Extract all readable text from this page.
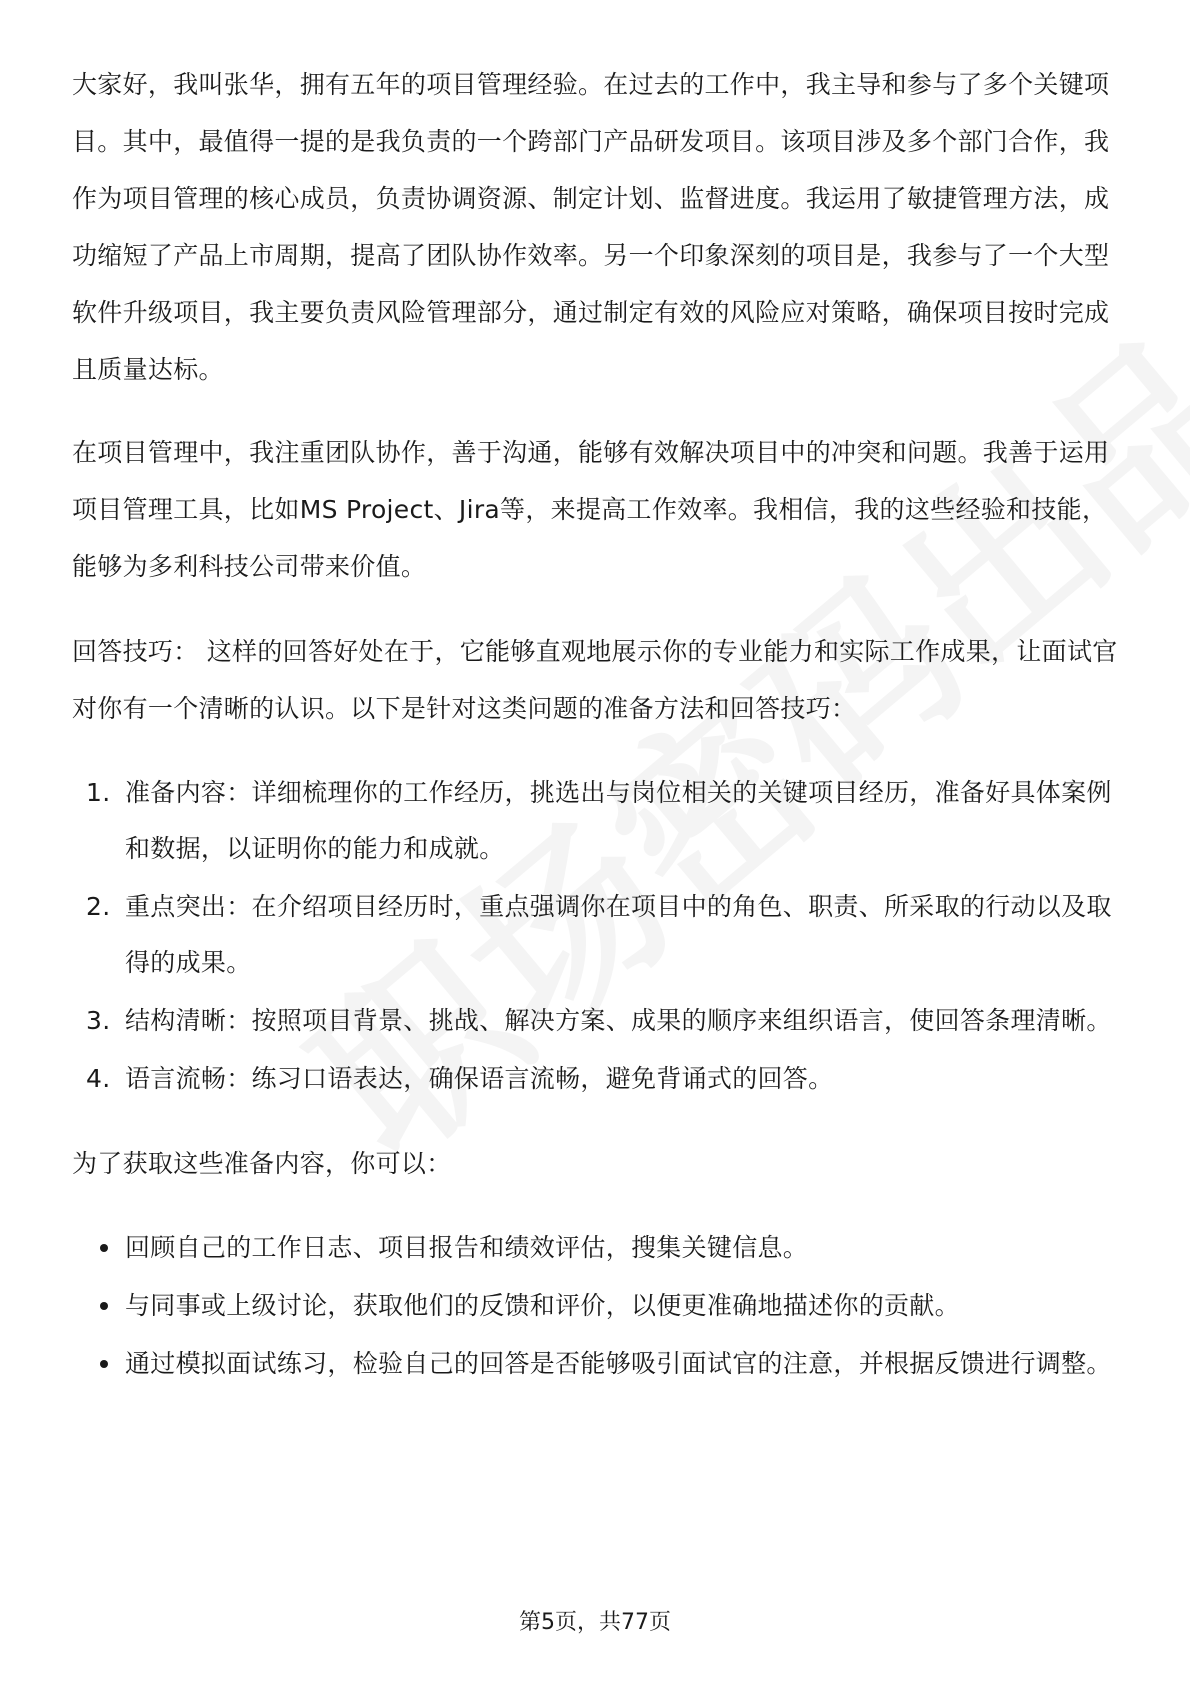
大家好，我叫张华，拥有五年的项目管理经验。在过去的工作中，我主导和参与了多个关键项目。其中，最值得一提的是我负责的一个跨部门产品研发项目。该项目涉及多个部门合作，我作为项目管理的核心成员，负责协调资源、制定计划、监督进度。我运用了敏捷管理方法，成功缩短了产品上市周期，提高了团队协作效率。另一个印象深刻的项目是，我参与了一个大型软件升级项目，我主要负责风险管理部分，通过制定有效的风险应对策略，确保项目按时完成且质量达标。

在项目管理中，我注重团队协作，善于沟通，能够有效解决项目中的冲突和问题。我善于运用项目管理工具，比如MS Project、Jira等，来提高工作效率。我相信，我的这些经验和技能，能够为多利科技公司带来价值。

回答技巧： 这样的回答好处在于，它能够直观地展示你的专业能力和实际工作成果，让面试官对你有一个清晰的认识。以下是针对这类问题的准备方法和回答技巧：

1. 准备内容：详细梳理你的工作经历，挑选出与岗位相关的关键项目经历，准备好具体案例和数据，以证明你的能力和成就。
2. 重点突出：在介绍项目经历时，重点强调你在项目中的角色、职责、所采取的行动以及取得的成果。
3. 结构清晰：按照项目背景、挑战、解决方案、成果的顺序来组织语言，使回答条理清晰。
4. 语言流畅：练习口语表达，确保语言流畅，避免背诵式的回答。

为了获取这些准备内容，你可以：

回顾自己的工作日志、项目报告和绩效评估，搜集关键信息。
与同事或上级讨论，获取他们的反馈和评价，以便更准确地描述你的贡献。
通过模拟面试练习，检验自己的回答是否能够吸引面试官的注意，并根据反馈进行调整。
第5页，共77页
